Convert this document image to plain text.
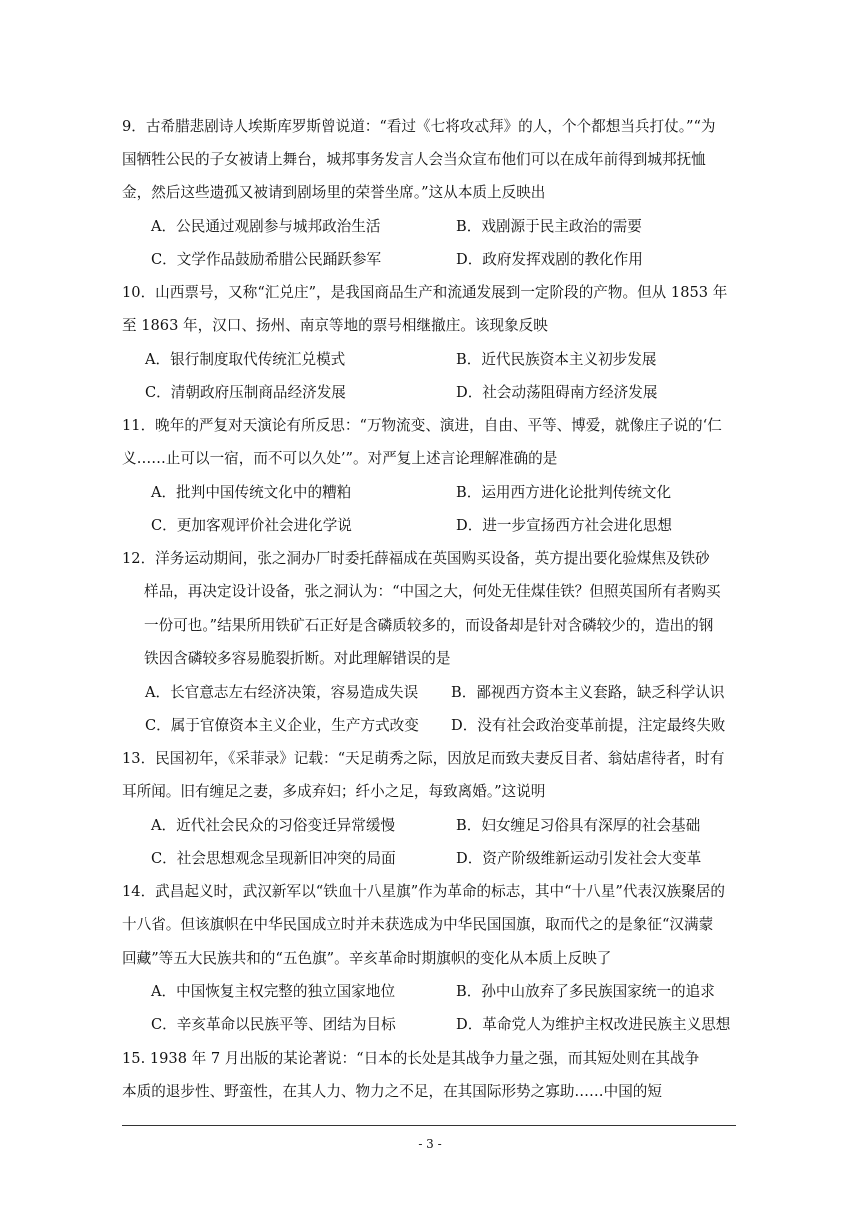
9．古希腊悲剧诗人埃斯库罗斯曾说道：“看过《七将攻忒拜》的人，个个都想当兵打仗。”“为
国牺牲公民的子女被请上舞台，城邦事务发言人会当众宣布他们可以在成年前得到城邦抚恤
金，然后这些遗孤又被请到剧场里的荣誉坐席。”这从本质上反映出
A．公民通过观剧参与城邦政治生活	B．戏剧源于民主政治的需要
C．文学作品鼓励希腊公民踊跃参军	D．政府发挥戏剧的教化作用
10．山西票号，又称“汇兑庄”，是我国商品生产和流通发展到一定阶段的产物。但从 1853 年
至 1863 年，汉口、扬州、南京等地的票号相继撤庄。该现象反映
A．银行制度取代传统汇兑模式	B．近代民族资本主义初步发展
C．清朝政府压制商品经济发展	D．社会动荡阻碍南方经济发展
11．晚年的严复对天演论有所反思：“万物流变、演进，自由、平等、博爱，就像庄子说的‘仁
义……止可以一宿，而不可以久处’”。对严复上述言论理解准确的是
A．批判中国传统文化中的糟粕	B．运用西方进化论批判传统文化
C．更加客观评价社会进化学说	D．进一步宣扬西方社会进化思想
12．洋务运动期间，张之洞办厂时委托薛福成在英国购买设备，英方提出要化验煤焦及铁砂
样品，再决定设计设备，张之洞认为：“中国之大，何处无佳煤佳铁？但照英国所有者购买
一份可也。”结果所用铁矿石正好是含磷质较多的，而设备却是针对含磷较少的，造出的钢
铁因含磷较多容易脆裂折断。对此理解错误的是
A．长官意志左右经济决策，容易造成失误 B．鄙视西方资本主义套路，缺乏科学认识
C．属于官僚资本主义企业，生产方式改变 D．没有社会政治变革前提，注定最终失败
13．民国初年，《采菲录》记载：“天足萌秀之际，因放足而致夫妻反目者、翁姑虐待者，时有
耳所闻。旧有缠足之妻，多成弃妇；纤小之足，每致离婚。”这说明
A．近代社会民众的习俗变迁异常缓慢	B．妇女缠足习俗具有深厚的社会基础
C．社会思想观念呈现新旧冲突的局面	D．资产阶级维新运动引发社会大变革
14．武昌起义时，武汉新军以“铁血十八星旗”作为革命的标志，其中“十八星”代表汉族聚居的
十八省。但该旗帜在中华民国成立时并未获选成为中华民国国旗，取而代之的是象征“汉满蒙
回藏”等五大民族共和的“五色旗”。辛亥革命时期旗帜的变化从本质上反映了
A．中国恢复主权完整的独立国家地位	B．孙中山放弃了多民族国家统一的追求
C．辛亥革命以民族平等、团结为目标	D．革命党人为维护主权改进民族主义思想
15. 1938 年 7 月出版的某论著说：“日本的长处是其战争力量之强，而其短处则在其战争
本质的退步性、野蛮性，在其人力、物力之不足，在其国际形势之寡助……中国的短
- 3 -
